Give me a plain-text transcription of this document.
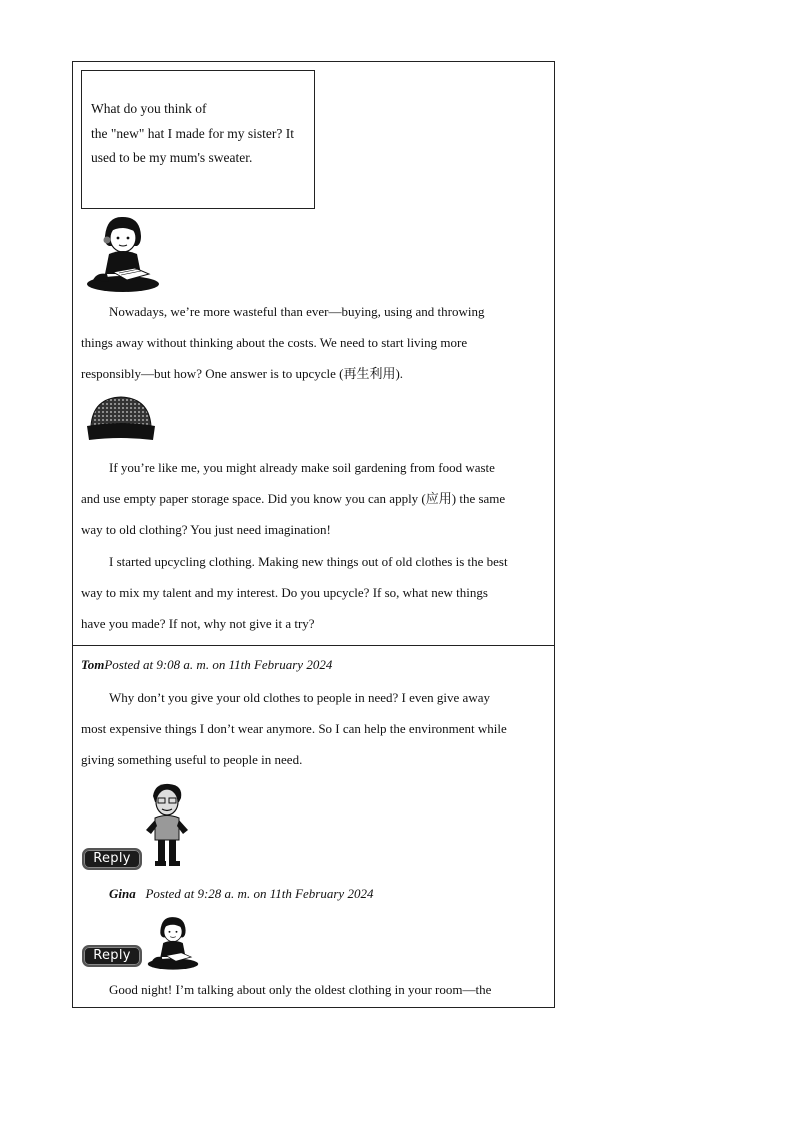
What do you think of
the "new" hat I made for my sister? It
used to be my mum's sweater.
Nowadays, we’re more wasteful than ever—buying, using and throwing
things away without thinking about the costs. We need to start living more
responsibly—but how? One answer is to upcycle (再生利用).
If you’re like me, you might already make soil gardening from food waste
and use empty paper storage space. Did you know you can apply (应用) the same
way to old clothing? You just need imagination!
I started upcycling clothing. Making new things out of old clothes is the best
way to mix my talent and my interest. Do you upcycle? If so, what new things
have you made? If not, why not give it a try?
TomPosted at 9:08 a. m. on 11th February 2024
Why don’t you give your old clothes to people in need? I even give away
most expensive things I don’t wear anymore. So I can help the environment while
giving something useful to people in need.
Reply
Gina Posted at 9:28 a. m. on 11th February 2024
Reply
Good night! I’m talking about only the oldest clothing in your room—the
